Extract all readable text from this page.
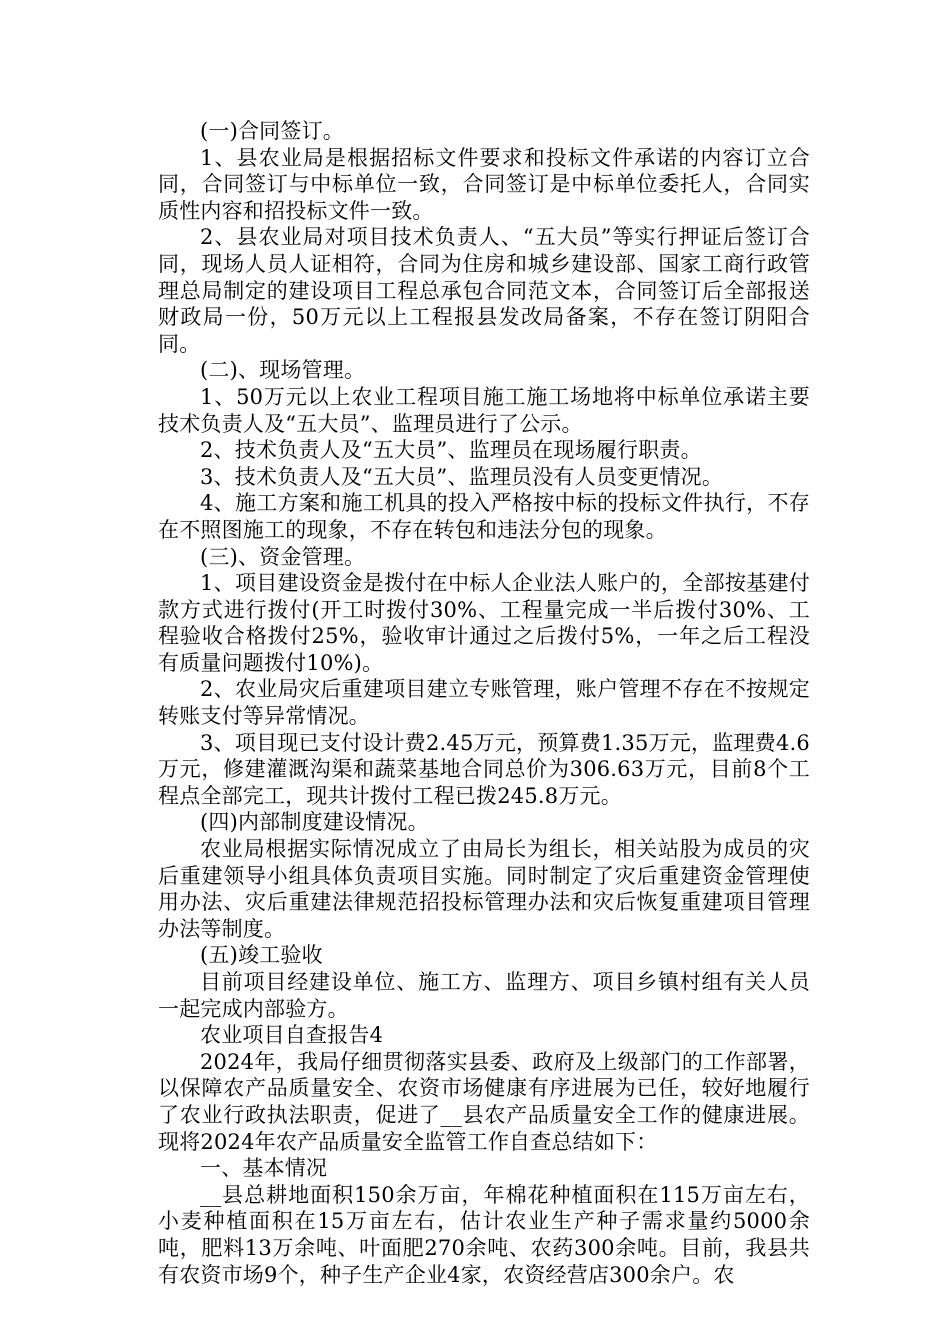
(一)合同签订。

1、县农业局是根据招标文件要求和投标文件承诺的内容订立合同，合同签订与中标单位一致，合同签订是中标单位委托人，合同实质性内容和招投标文件一致。

2、县农业局对项目技术负责人、“五大员”等实行押证后签订合同，现场人员人证相符，合同为住房和城乡建设部、国家工商行政管理总局制定的建设项目工程总承包合同范文本，合同签订后全部报送财政局一份，50万元以上工程报县发改局备案，不存在签订阴阳合同。

(二)、现场管理。

1、50万元以上农业工程项目施工施工场地将中标单位承诺主要技术负责人及“五大员”、监理员进行了公示。

2、技术负责人及“五大员”、监理员在现场履行职责。

3、技术负责人及“五大员”、监理员没有人员变更情况。

4、施工方案和施工机具的投入严格按中标的投标文件执行，不存在不照图施工的现象，不存在转包和违法分包的现象。

(三)、资金管理。

1、项目建设资金是拨付在中标人企业法人账户的，全部按基建付款方式进行拨付(开工时拨付30%、工程量完成一半后拨付30%、工程验收合格拨付25%，验收审计通过之后拨付5%，一年之后工程没有质量问题拨付10%)。

2、农业局灾后重建项目建立专账管理，账户管理不存在不按规定转账支付等异常情况。

3、项目现已支付设计费2.45万元，预算费1.35万元，监理费4.6万元，修建灌溉沟渠和蔬菜基地合同总价为306.63万元，目前8个工程点全部完工，现共计拨付工程已拨245.8万元。

(四)内部制度建设情况。

农业局根据实际情况成立了由局长为组长，相关站股为成员的灾后重建领导小组具体负责项目实施。同时制定了灾后重建资金管理使用办法、灾后重建法律规范招投标管理办法和灾后恢复重建项目管理办法等制度。

(五)竣工验收

目前项目经建设单位、施工方、监理方、项目乡镇村组有关人员一起完成内部验方。

农业项目自查报告4

2024年，我局仔细贯彻落实县委、政府及上级部门的工作部署，以保障农产品质量安全、农资市场健康有序进展为已任，较好地履行了农业行政执法职责，促进了__县农产品质量安全工作的健康进展。现将2024年农产品质量安全监管工作自查总结如下：

一、基本情况

__县总耕地面积150余万亩，年棉花种植面积在115万亩左右，小麦种植面积在15万亩左右，估计农业生产种子需求量约5000余吨，肥料13万余吨、叶面肥270余吨、农药300余吨。目前，我县共有农资市场9个，种子生产企业4家，农资经营店300余户。农
